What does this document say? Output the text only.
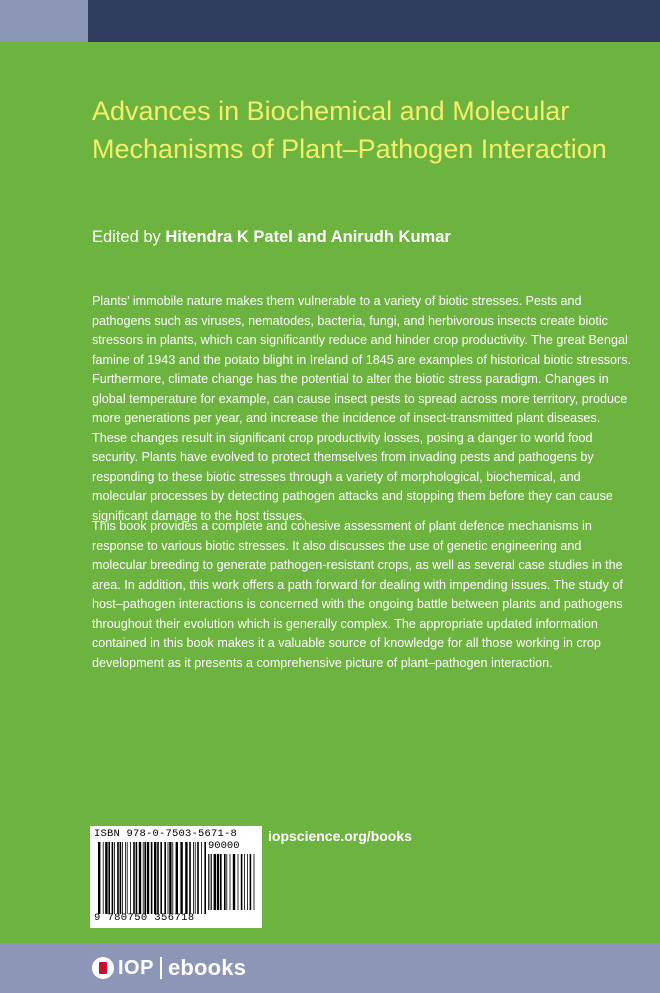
Advances in Biochemical and Molecular Mechanisms of Plant–Pathogen Interaction
Edited by Hitendra K Patel and Anirudh Kumar

Plants’ immobile nature makes them vulnerable to a variety of biotic stresses. Pests and pathogens such as viruses, nematodes, bacteria, fungi, and herbivorous insects create biotic stressors in plants, which can significantly reduce and hinder crop productivity. The great Bengal famine of 1943 and the potato blight in Ireland of 1845 are examples of historical biotic stressors. Furthermore, climate change has the potential to alter the biotic stress paradigm. Changes in global temperature for example, can cause insect pests to spread across more territory, produce more generations per year, and increase the incidence of insect-transmitted plant diseases. These changes result in significant crop productivity losses, posing a danger to world food security. Plants have evolved to protect themselves from invading pests and pathogens by responding to these biotic stresses through a variety of morphological, biochemical, and molecular processes by detecting pathogen attacks and stopping them before they can cause significant damage to the host tissues.

This book provides a complete and cohesive assessment of plant defence mechanisms in response to various biotic stresses. It also discusses the use of genetic engineering and molecular breeding to generate pathogen-resistant crops, as well as several case studies in the area. In addition, this work offers a path forward for dealing with impending issues. The study of host–pathogen interactions is concerned with the ongoing battle between plants and pathogens throughout their evolution which is generally complex. The appropriate updated information contained in this book makes it a valuable source of knowledge for all those working in crop development as it presents a comprehensive picture of plant–pathogen interaction.

ISBN 978-0-7503-5671-8
90000
9 780750 356718
iopscience.org/books
IOP ebooks
